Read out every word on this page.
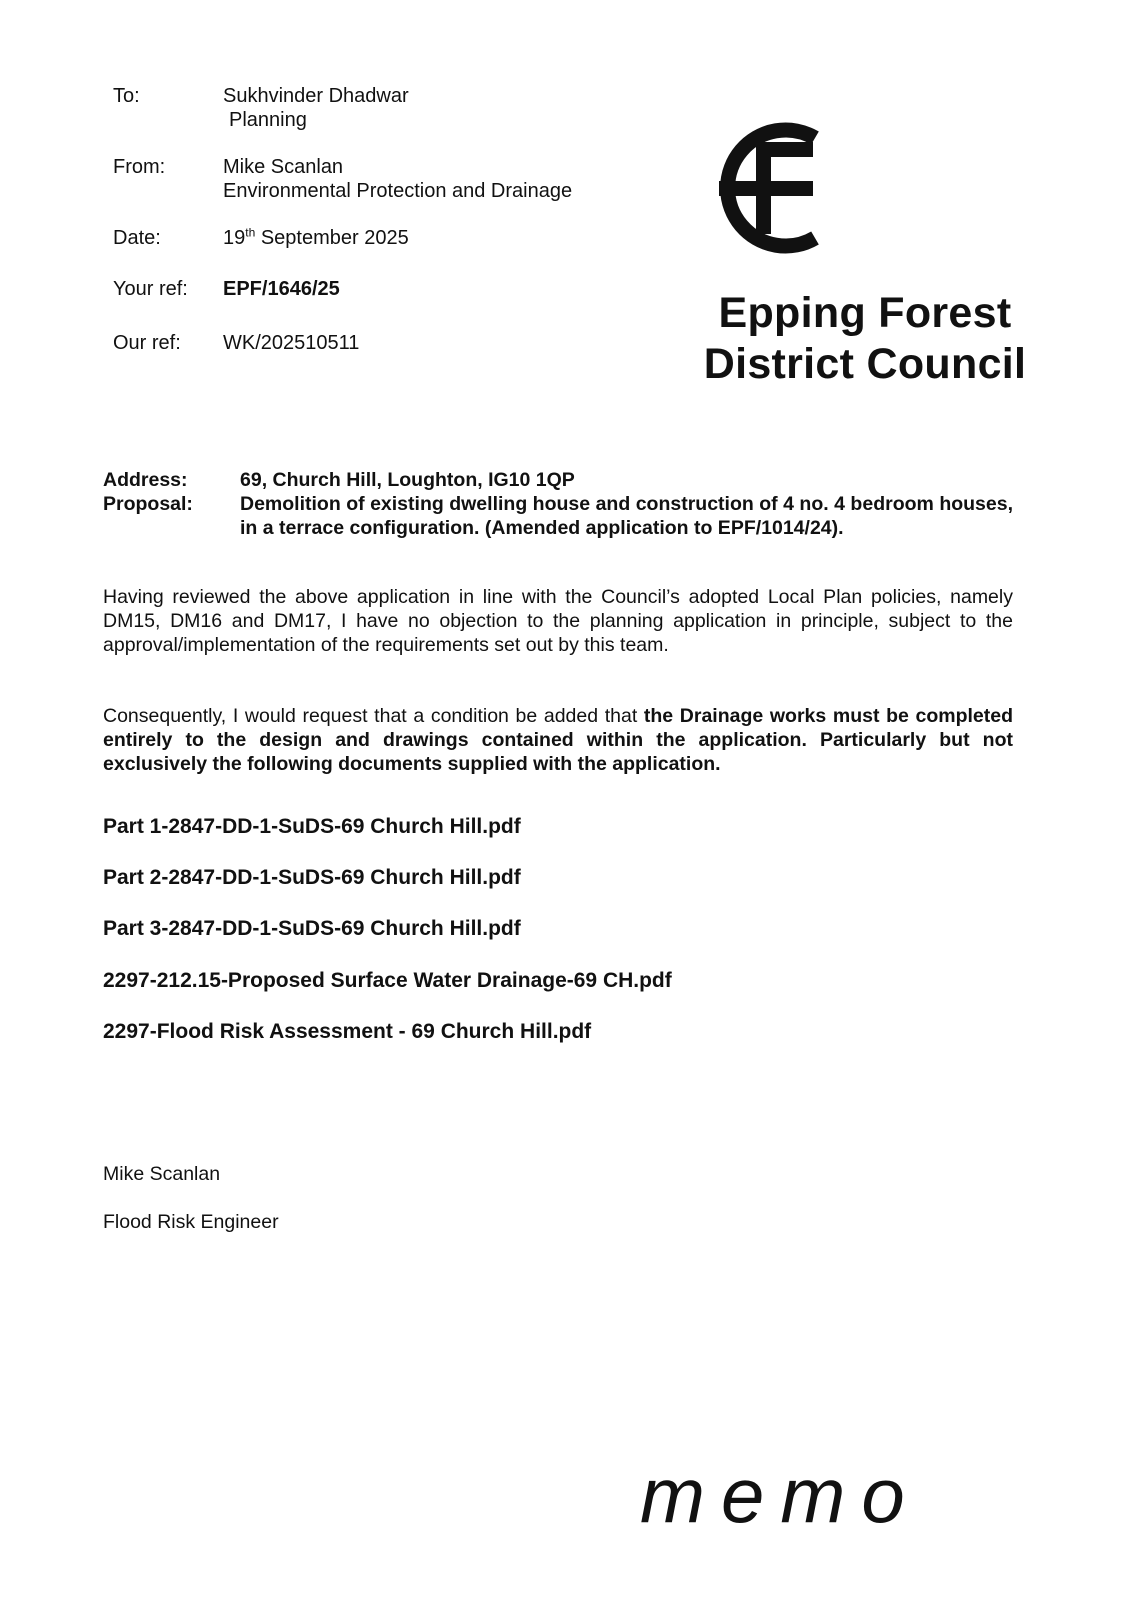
To:	Sukhvinder Dhadwar
Planning
From:	Mike Scanlan
Environmental Protection and Drainage
Date:	19th September 2025
Your ref:	EPF/1646/25
Our ref:	WK/202510511
Epping Forest
District Council
Address:	69, Church Hill, Loughton, IG10 1QP
Proposal:	Demolition of existing dwelling house and construction of 4 no. 4 bedroom houses, in a terrace configuration. (Amended application to EPF/1014/24).
Having reviewed the above application in line with the Council’s adopted Local Plan policies, namely DM15, DM16 and DM17, I have no objection to the planning application in principle, subject to the approval/implementation of the requirements set out by this team.
Consequently, I would request that a condition be added that the Drainage works must be completed entirely to the design and drawings contained within the application. Particularly but not exclusively the following documents supplied with the application.
Part 1-2847-DD-1-SuDS-69 Church Hill.pdf
Part 2-2847-DD-1-SuDS-69 Church Hill.pdf
Part 3-2847-DD-1-SuDS-69 Church Hill.pdf
2297-212.15-Proposed Surface Water Drainage-69 CH.pdf
2297-Flood Risk Assessment - 69 Church Hill.pdf
Mike Scanlan
Flood Risk Engineer
memo
